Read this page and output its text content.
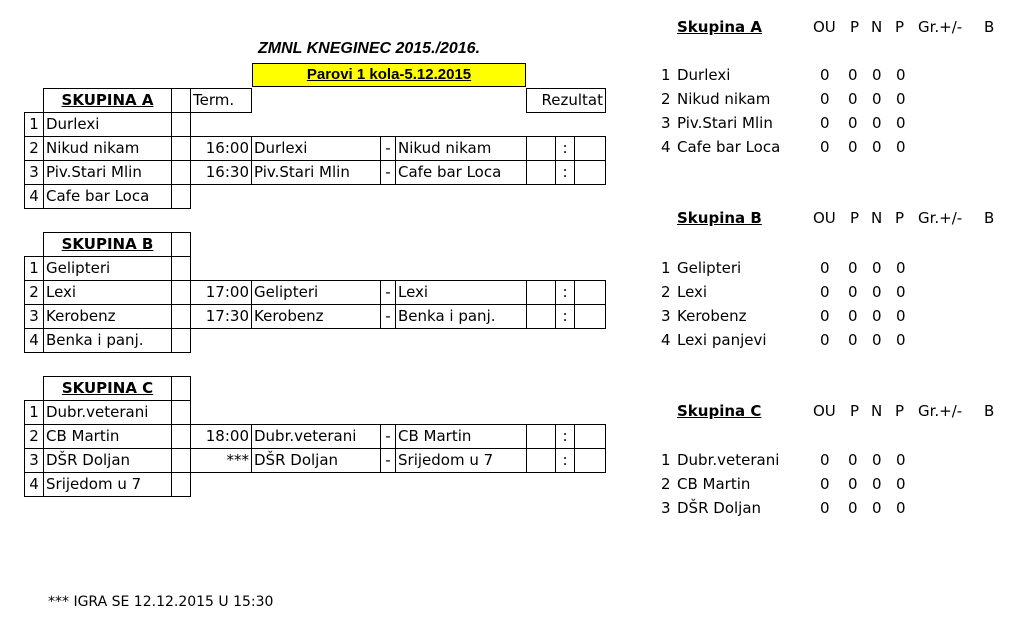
ZMNL KNEGINEC 2015./2016.
Parovi 1 kola-5.12.2015
SKUPINA A	Term.	Rezultat
1 Durlexi
2 Nikud nikam
3 Piv.Stari Mlin
4 Cafe bar Loca
16:00 Durlexi	- Nikud nikam	:
16:30 Piv.Stari Mlin	- Cafe bar Loca	:
SKUPINA B
1 Gelipteri
2 Lexi
3 Kerobenz
4 Benka i panj.
17:00 Gelipteri	- Lexi	:
17:30 Kerobenz	- Benka i panj.	:
SKUPINA C
1 Dubr.veterani
2 CB Martin
3 DŠR Doljan
4 Srijedom u 7
18:00 Dubr.veterani	- CB Martin	:
*** DŠR Doljan	- Srijedom u 7	:
Skupina A	OU P N P Gr.+/- B
1 Durlexi	0 0 0 0
2 Nikud nikam	0 0 0 0
3 Piv.Stari Mlin	0 0 0 0
4 Cafe bar Loca	0 0 0 0
Skupina B	OU P N P Gr.+/- B
1 Gelipteri	0 0 0 0
2 Lexi	0 0 0 0
3 Kerobenz	0 0 0 0
4 Lexi panjevi	0 0 0 0
Skupina C	OU P N P Gr.+/- B
1 Dubr.veterani	0 0 0 0
2 CB Martin	0 0 0 0
3 DŠR Doljan	0 0 0 0
*** IGRA SE 12.12.2015 U 15:30
